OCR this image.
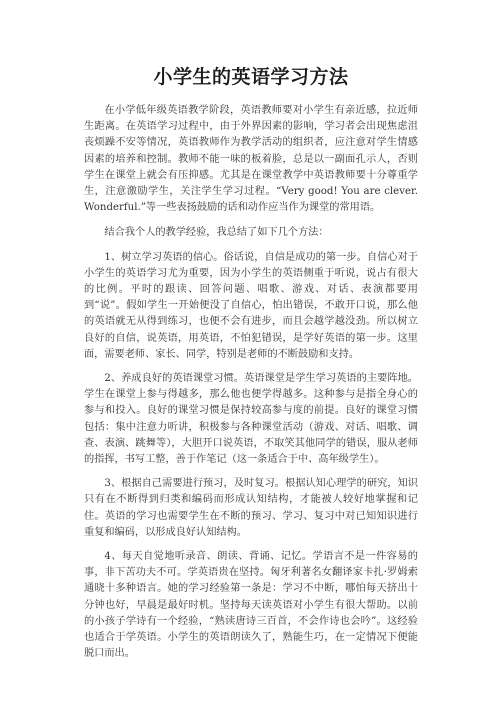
小学生的英语学习方法

在小学低年级英语教学阶段，英语教师要对小学生有亲近感，拉近师生距离。在英语学习过程中，由于外界因素的影响，学习者会出现焦虑沮丧烦躁不安等情况，英语教师作为教学活动的组织者，应注意对学生情感因素的培养和控制。教师不能一味的板着脸，总是以一副面孔示人，否则学生在课堂上就会有压抑感。尤其是在课堂教学中英语教师要十分尊重学生，注意激励学生，关注学生学习过程。“Very good! You are clever. Wonderful.”等一些表扬鼓励的话和动作应当作为课堂的常用语。

结合我个人的教学经验，我总结了如下几个方法：

1、树立学习英语的信心。俗话说，自信是成功的第一步。自信心对于小学生的英语学习尤为重要，因为小学生的英语侧重于听说，说占有很大的比例。平时的跟读、回答问题、唱歌、游戏、对话、表演都要用到“说”。假如学生一开始便没了自信心，怕出错误，不敢开口说，那么他的英语就无从得到练习，也便不会有进步，而且会越学越没劲。所以树立良好的自信，说英语，用英语，不怕犯错误，是学好英语的第一步。这里面，需要老师、家长、同学，特别是老师的不断鼓励和支持。

2、养成良好的英语课堂习惯。英语课堂是学生学习英语的主要阵地。学生在课堂上参与得越多，那么他也便学得越多。这种参与是指全身心的参与和投入。良好的课堂习惯是保持较高参与度的前提。良好的课堂习惯包括：集中注意力听讲，积极参与各种课堂活动（游戏、对话、唱歌、调查、表演、跳舞等），大胆开口说英语，不取笑其他同学的错误，服从老师的指挥，书写工整，善于作笔记（这一条适合于中、高年级学生）。

3、根据自己需要进行预习，及时复习。根据认知心理学的研究，知识只有在不断得到归类和编码而形成认知结构，才能被人较好地掌握和记住。英语的学习也需要学生在不断的预习、学习、复习中对已知知识进行重复和编码，以形成良好认知结构。

4、每天自觉地听录音、朗读、背诵、记忆。学语言不是一件容易的事，非下苦功夫不可。学英语贵在坚持。匈牙利著名女翻译家卡扎·罗姆索通晓十多种语言。她的学习经验第一条是：学习不中断，哪怕每天挤出十分钟也好，早晨是最好时机。坚持每天读英语对小学生有很大帮助。以前的小孩子学诗有一个经验，“熟读唐诗三百首，不会作诗也会吟”。这经验也适合于学英语。小学生的英语朗读久了，熟能生巧，在一定情况下便能脱口而出。
